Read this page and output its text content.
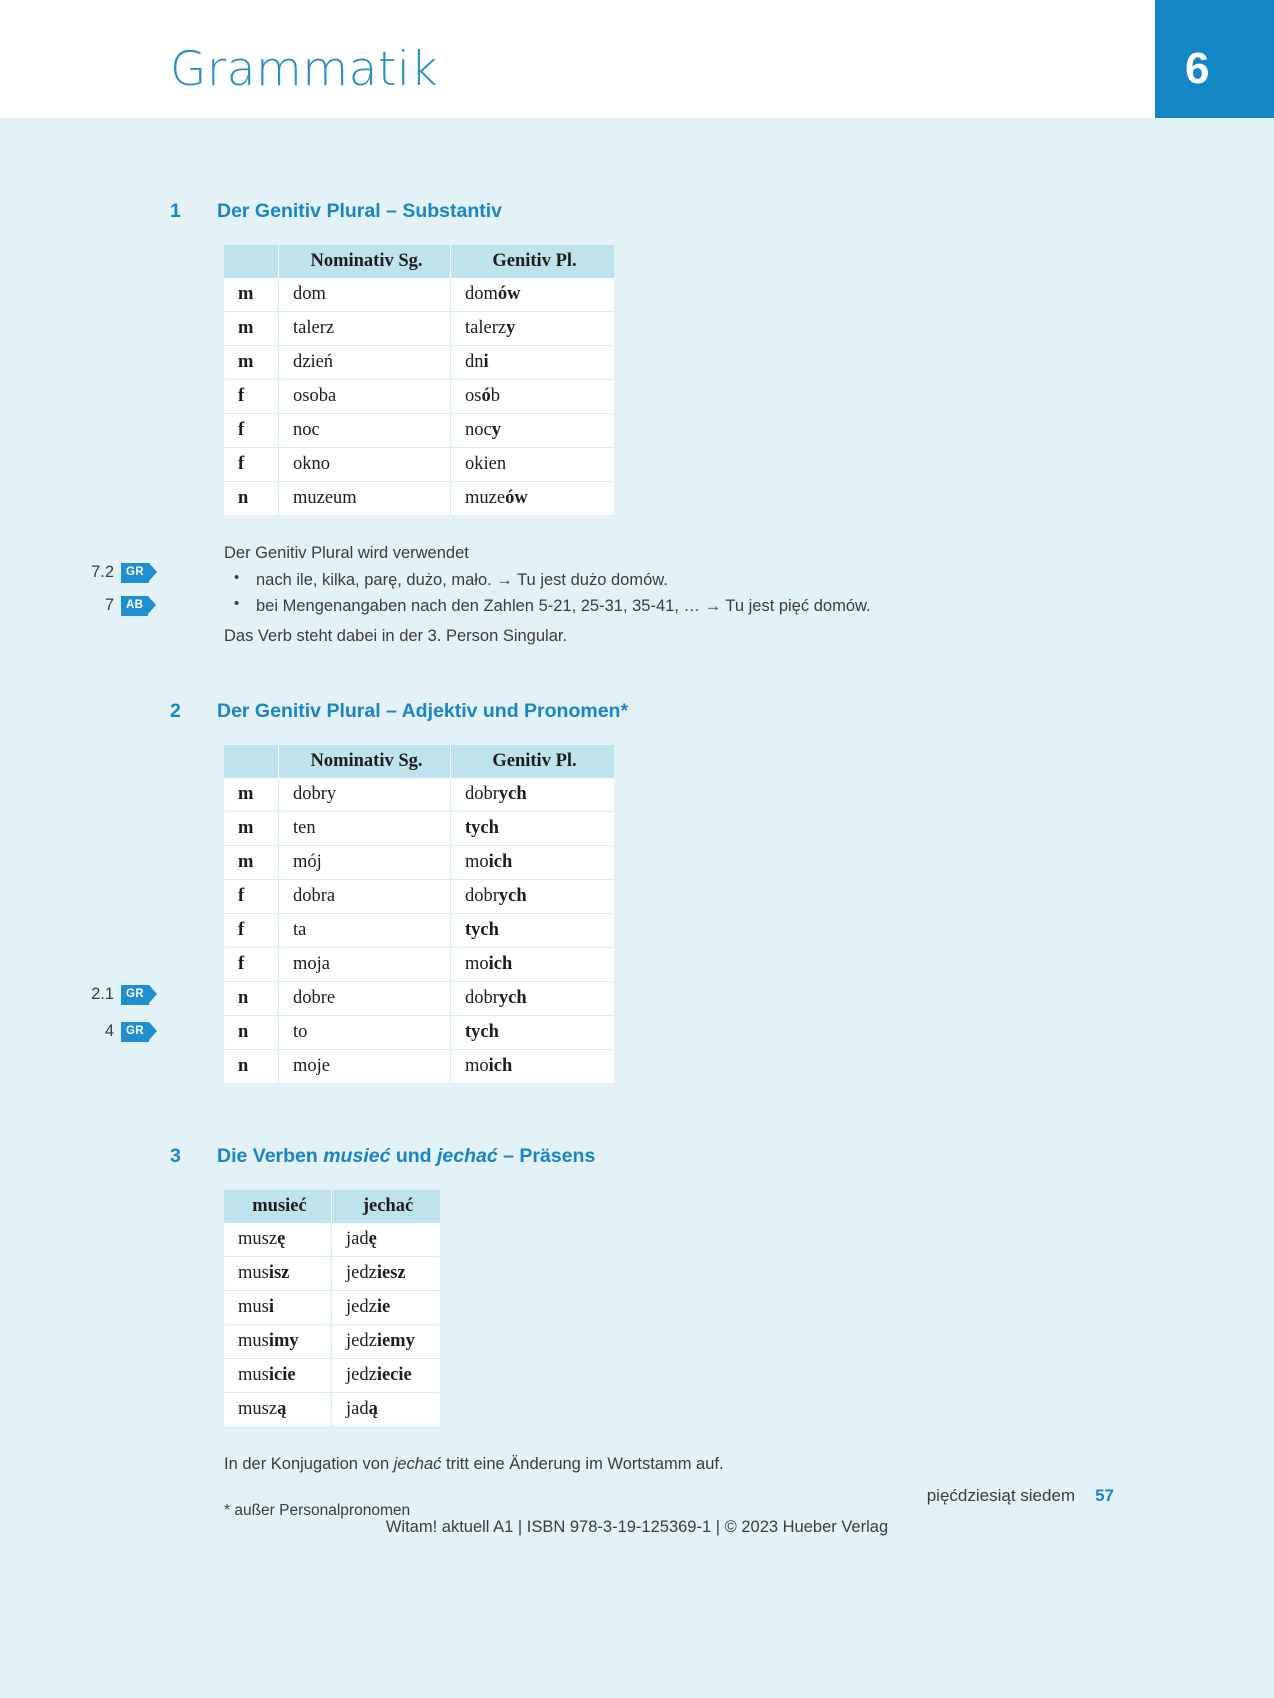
Grammatik	6
1	Der Genitiv Plural – Substantiv
	Nominativ Sg.	Genitiv Pl.
m	dom	domów
m	talerz	talerzy
m	dzień	dni
f	osoba	osób
f	noc	nocy
f	okno	okien
n	muzeum	muzeów
Der Genitiv Plural wird verwendet
• nach ile, kilka, parę, dużo, mało. → Tu jest dużo domów.
• bei Mengenangaben nach den Zahlen 5-21, 25-31, 35-41, … → Tu jest pięć domów.
Das Verb steht dabei in der 3. Person Singular.
2	Der Genitiv Plural – Adjektiv und Pronomen*
	Nominativ Sg.	Genitiv Pl.
m	dobry	dobrych
m	ten	tych
m	mój	moich
f	dobra	dobrych
f	ta	tych
f	moja	moich
n	dobre	dobrych
n	to	tych
n	moje	moich
3	Die Verben musieć und jechać – Präsens
musieć	jechać
muszę	jadę
musisz	jedziesz
musi	jedzie
musimy	jedziemy
musicie	jedziecie
muszą	jadą
In der Konjugation von jechać tritt eine Änderung im Wortstamm auf.
* außer Personalpronomen
7.2	GR
7	AB
2.1	GR
4	GR
pięćdziesiąt siedem 57
Witam! aktuell A1 | ISBN 978-3-19-125369-1 | © 2023 Hueber Verlag
